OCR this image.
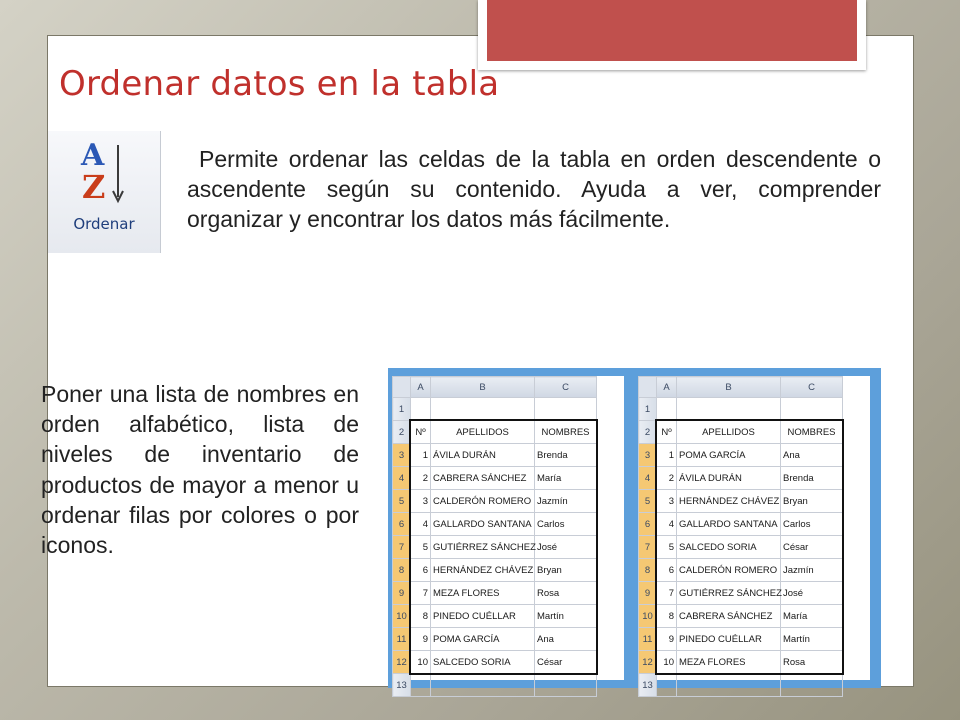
Ordenar datos en la tabla
A
Z
Ordenar
Permite ordenar las celdas de la tabla en orden descendente o ascendente según su contenido. Ayuda a ver, comprender organizar y encontrar los datos más fácilmente.
Poner una lista de nombres en orden alfabético, lista de niveles de inventario de productos de mayor a menor u ordenar filas por colores o por iconos.
	A	B	C
1			
2	Nº	APELLIDOS	NOMBRES
3	1	ÁVILA DURÁN	Brenda
4	2	CABRERA SÁNCHEZ	María
5	3	CALDERÓN ROMERO	Jazmín
6	4	GALLARDO SANTANA	Carlos
7	5	GUTIÉRREZ SÁNCHEZ	José
8	6	HERNÁNDEZ CHÁVEZ	Bryan
9	7	MEZA FLORES	Rosa
10	8	PINEDO CUÉLLAR	Martín
11	9	POMA GARCÍA	Ana
12	10	SALCEDO SORIA	César
13			
	A	B	C
1			
2	Nº	APELLIDOS	NOMBRES
3	1	POMA GARCÍA	Ana
4	2	ÁVILA DURÁN	Brenda
5	3	HERNÁNDEZ CHÁVEZ	Bryan
6	4	GALLARDO SANTANA	Carlos
7	5	SALCEDO SORIA	César
8	6	CALDERÓN ROMERO	Jazmín
9	7	GUTIÉRREZ SÁNCHEZ	José
10	8	CABRERA SÁNCHEZ	María
11	9	PINEDO CUÉLLAR	Martín
12	10	MEZA FLORES	Rosa
13			
